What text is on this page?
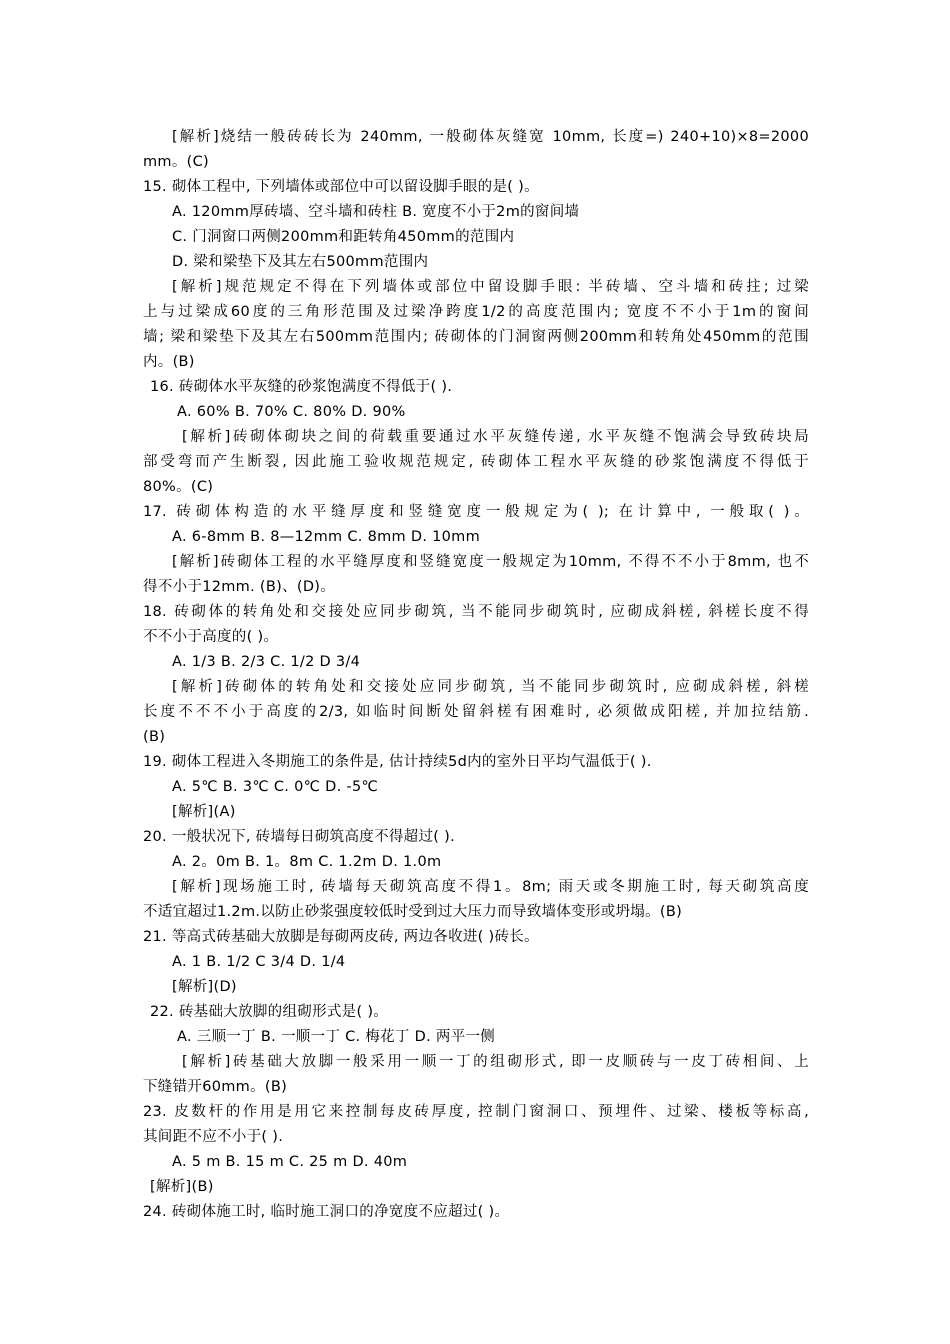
[解析]烧结一般砖砖长为 240mm, 一般砌体灰缝宽 10mm, 长度=) 240+10)×8=2000
mm。(C)
15. 砌体工程中, 下列墙体或部位中可以留设脚手眼的是( )。
A. 120mm厚砖墙、空斗墙和砖柱 B. 宽度不小于2m的窗间墙
C. 门洞窗口两侧200mm和距转角450mm的范围内
D. 梁和梁垫下及其左右500mm范围内
[解析]规范规定不得在下列墙体或部位中留设脚手眼: 半砖墙、空斗墙和砖拄; 过梁
上与过梁成60度的三角形范围及过梁净跨度1/2的高度范围内; 宽度不不小于1m的窗间
墙; 梁和梁垫下及其左右500mm范围内; 砖砌体的门洞窗两侧200mm和转角处450mm的范围
内。(B)
16. 砖砌体水平灰缝的砂浆饱满度不得低于( ).
A. 60% B. 70% C. 80% D. 90%
[解析]砖砌体砌块之间的荷载重要通过水平灰缝传递, 水平灰缝不饱满会导致砖块局
部受弯而产生断裂, 因此施工验收规范规定, 砖砌体工程水平灰缝的砂浆饱满度不得低于
80%。(C)
17. 砖砌体构造的水平缝厚度和竖缝宽度一般规定为( ); 在计算中, 一般取( )。
A. 6-8mm B. 8—12mm C. 8mm D. 10mm
[解析]砖砌体工程的水平缝厚度和竖缝宽度一般规定为10mm, 不得不不小于8mm, 也不
得不小于12mm. (B)、(D)。
18. 砖砌体的转角处和交接处应同步砌筑, 当不能同步砌筑时, 应砌成斜槎, 斜槎长度不得
不不小于高度的( )。
A. 1/3 B. 2/3 C. 1/2 D 3/4
[解析]砖砌体的转角处和交接处应同步砌筑, 当不能同步砌筑时, 应砌成斜槎, 斜槎
长度不不不小于高度的2/3, 如临时间断处留斜槎有困难时, 必须做成阳槎, 并加拉结筋.
(B)
19. 砌体工程进入冬期施工的条件是, 估计持续5d内的室外日平均气温低于( ).
A. 5℃ B. 3℃ C. 0℃ D. -5℃
[解析](A)
20. 一般状况下, 砖墙每日砌筑高度不得超过( ).
A. 2。0m B. 1。8m C. 1.2m D. 1.0m
[解析]现场施工时, 砖墙每天砌筑高度不得1。8m; 雨天或冬期施工时, 每天砌筑高度
不适宜超过1.2m.以防止砂浆强度较低时受到过大压力而导致墙体变形或坍塌。(B)
21. 等高式砖基础大放脚是每砌两皮砖, 两边各收进( )砖长。
A. 1 B. 1/2 C 3/4 D. 1/4
[解析](D)
22. 砖基础大放脚的组砌形式是( )。
A. 三顺一丁 B. 一顺一丁 C. 梅花丁 D. 两平一侧
[解析]砖基础大放脚一般采用一顺一丁的组砌形式, 即一皮顺砖与一皮丁砖相间、上
下缝错开60mm。(B)
23. 皮数杆的作用是用它来控制每皮砖厚度, 控制门窗洞口、预埋件、过梁、楼板等标高,
其间距不应不小于( ).
A. 5 m B. 15 m C. 25 m D. 40m
[解析](B)
24. 砖砌体施工时, 临时施工洞口的净宽度不应超过( )。
